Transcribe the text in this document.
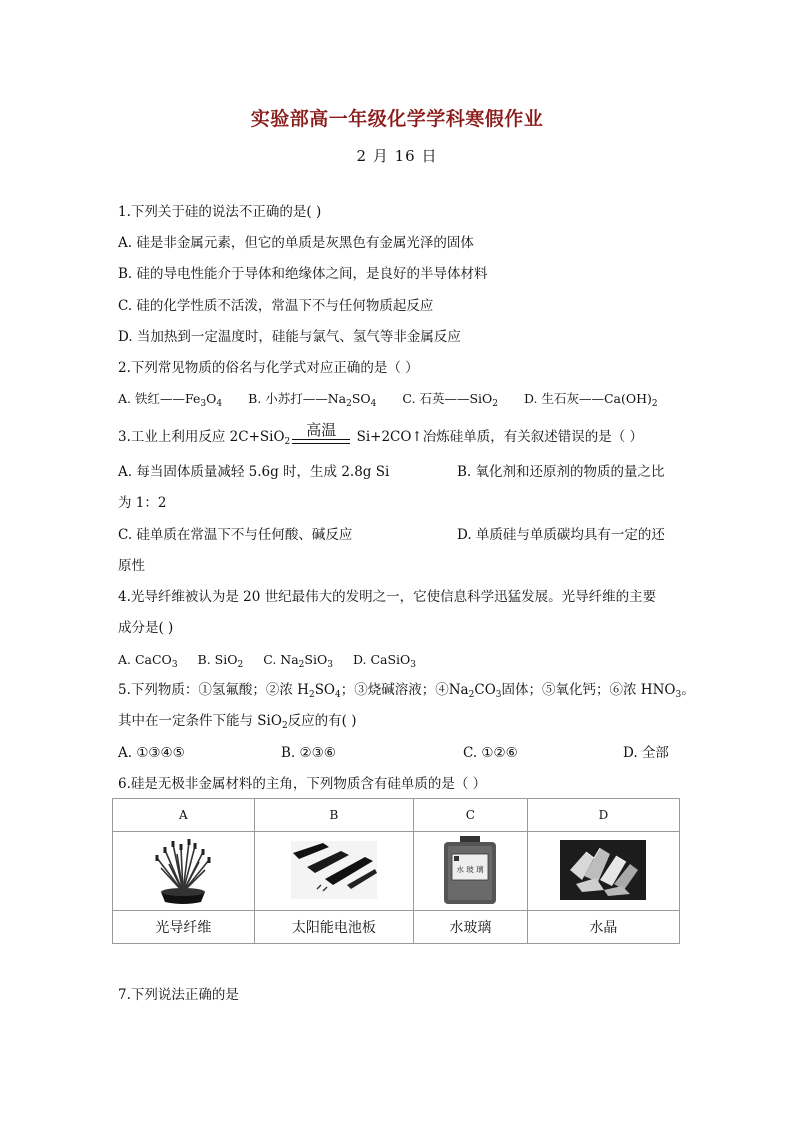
实验部高一年级化学学科寒假作业
2 月 16 日
1.下列关于硅的说法不正确的是( )
A. 硅是非金属元素，但它的单质是灰黑色有金属光泽的固体
B. 硅的导电性能介于导体和绝缘体之间，是良好的半导体材料
C. 硅的化学性质不活泼，常温下不与任何物质起反应
D. 当加热到一定温度时，硅能与氯气、氢气等非金属反应
2.下列常见物质的俗名与化学式对应正确的是（ ）
A. 铁红$——Fe_3O_4$ B. 小苏打$——Na_2SO_4$ C. 石英——SiO$_2$ D. 生石灰$——Ca(OH)_2$
3.工业上利用反应 2C+SiO$_2$
高温	Si+2CO↑冶炼硅单质，有关叙述错误的是（ ）
A. 每当固体质量减轻 5.6g 时，生成 2.8g Si	B. 氧化剂和还原剂的物质的量之比
为 1：2
C. 硅单质在常温下不与任何酸、碱反应	D. 单质硅与单质碳均具有一定的还
原性
4.光导纤维被认为是 20 世纪最伟大的发明之一，它使信息科学迅猛发展。光导纤维的主要
成分是( )
A. CaCO$_3$ B. SiO$_2$ C. $Na_2SiO_3$ D. CaSiO$_3$
5.下列物质：①氢氟酸；②浓 $H_2SO_4$；③烧碱溶液；$④Na_2CO_3$固体；⑤氧化钙；⑥浓 $HNO_3$。
其中在一定条件下能与 SiO$_2$反应的有( )
A. ①③④⑤	B. ②③⑥	C. ①②⑥	D. 全部
6.硅是无极非金属材料的主角，下列物质含有硅单质的是（ ）
A	B	C	D

水 玻 璃

光导纤维	太阳能电池板	水玻璃	水晶
7.下列说法正确的是
